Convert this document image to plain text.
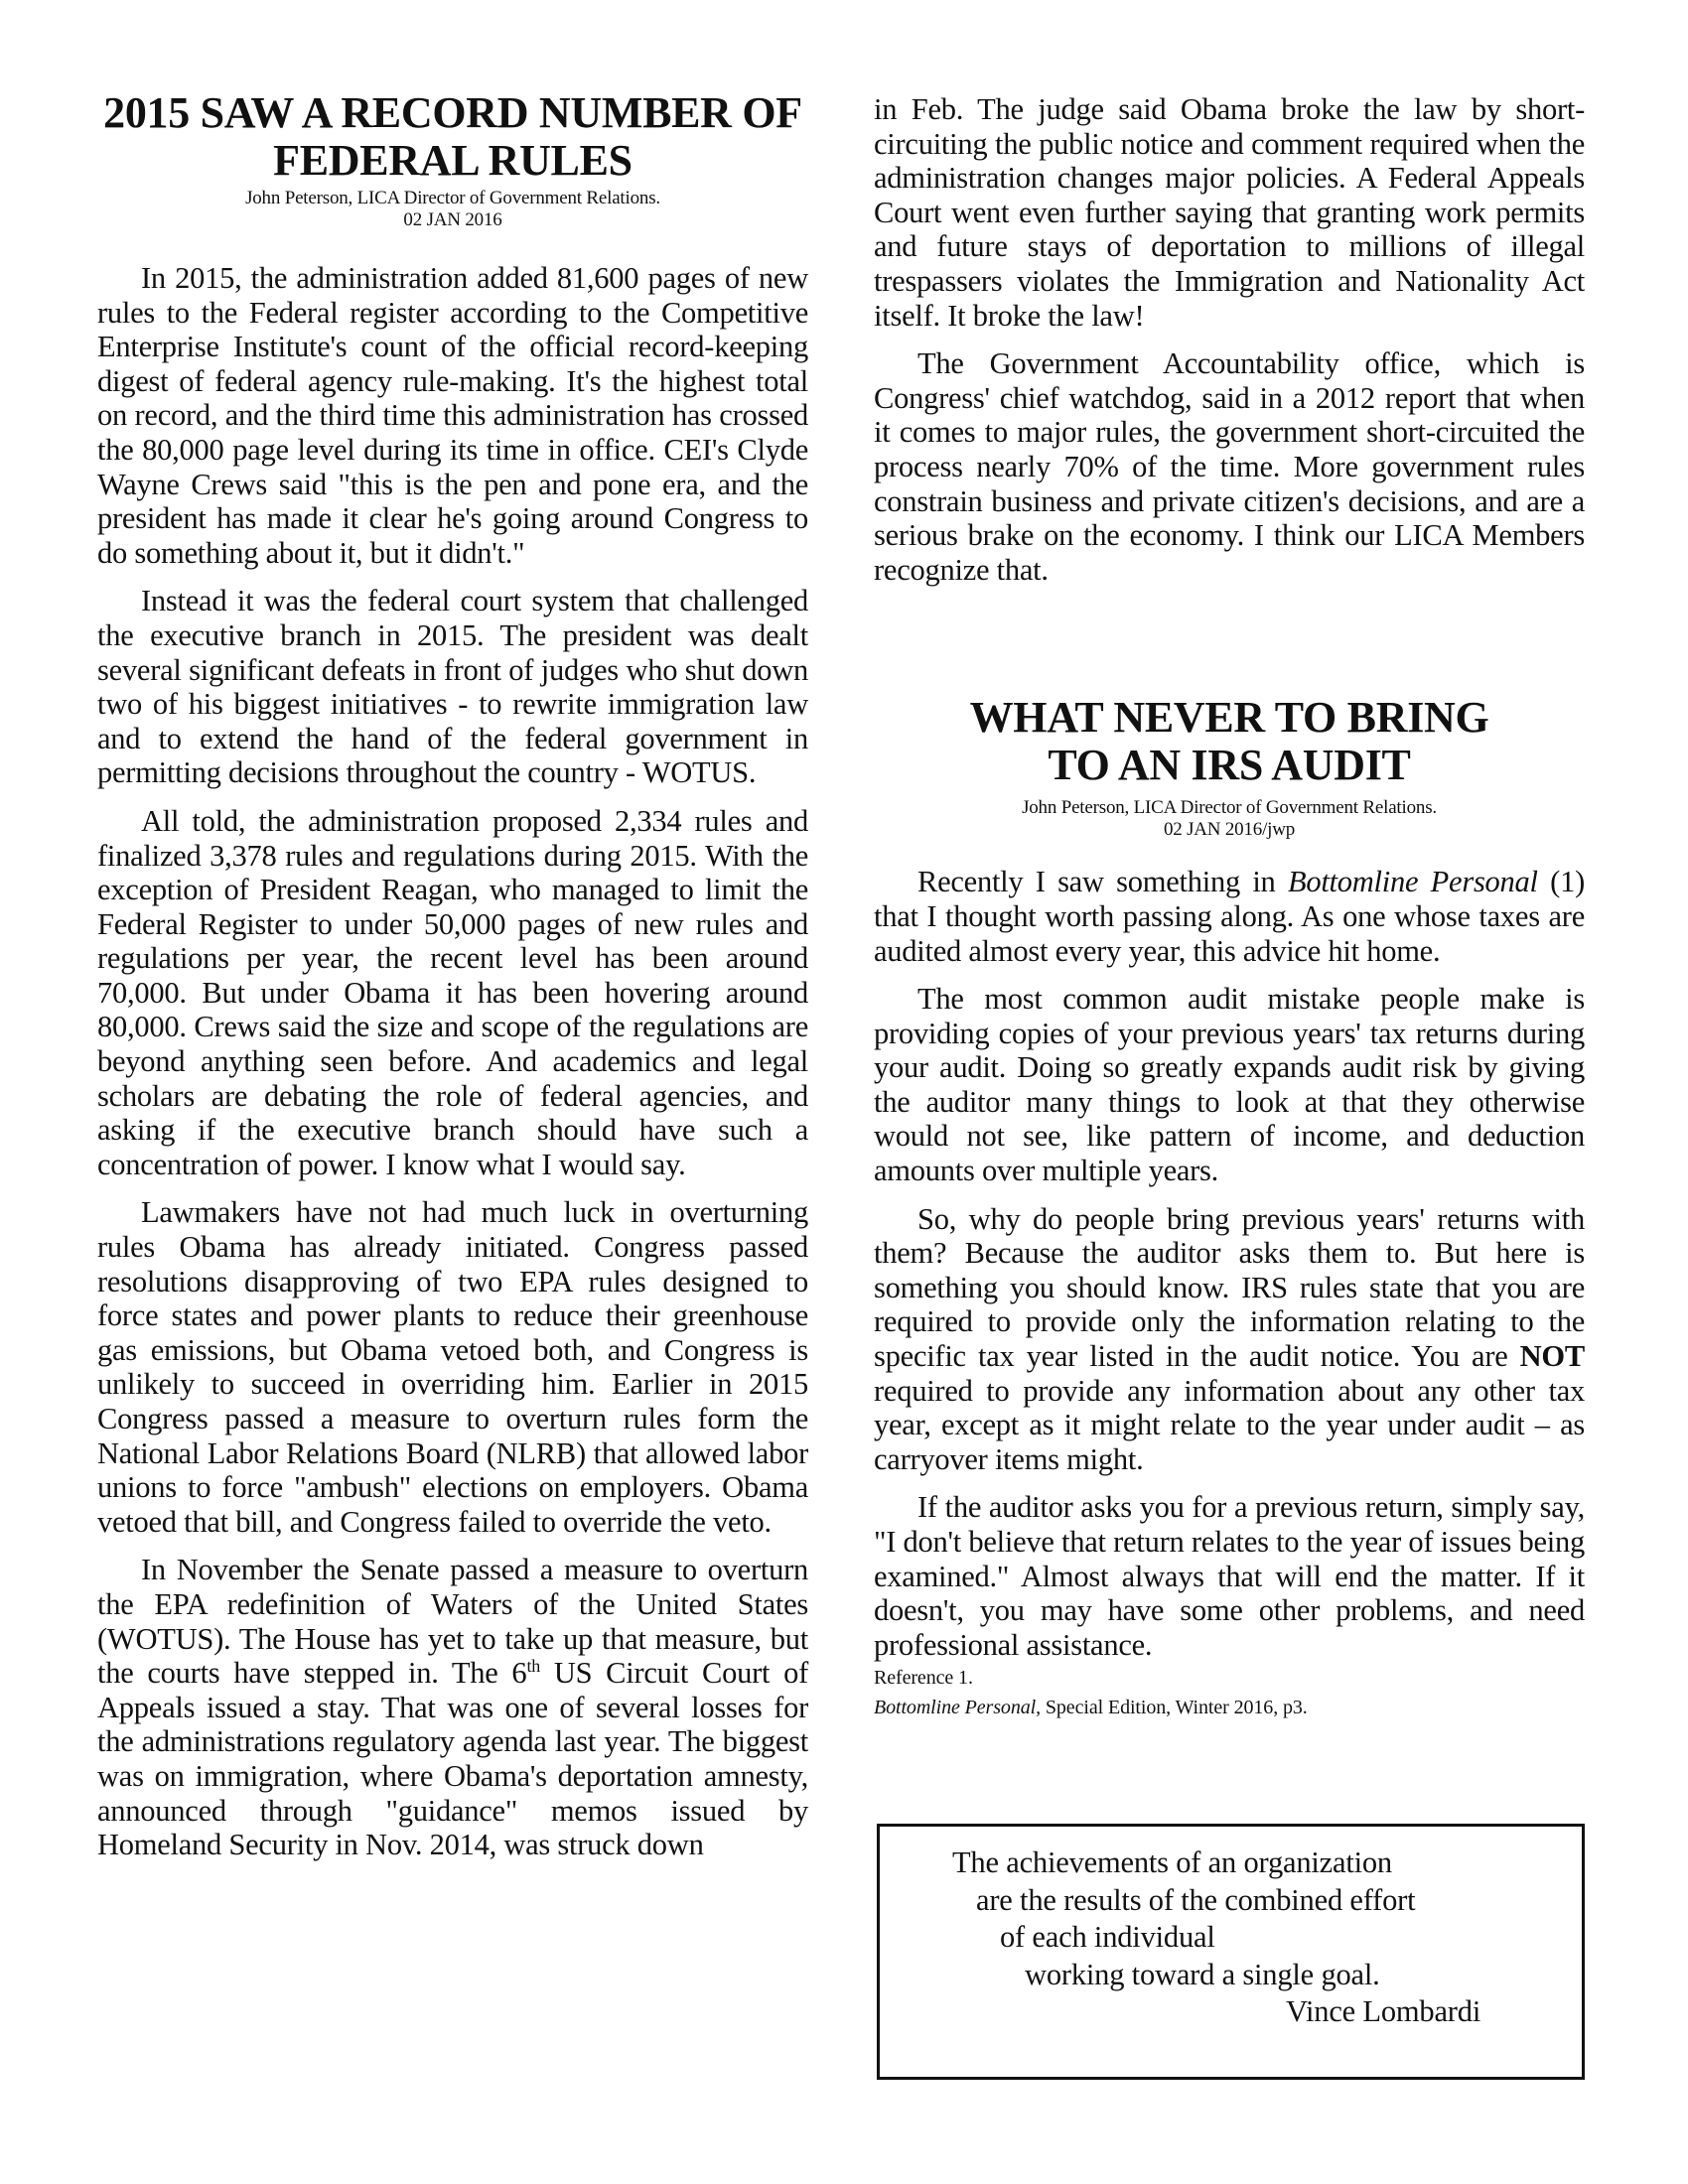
2015 SAW A RECORD NUMBER OF
FEDERAL RULES
John Peterson, LICA Director of Government Relations.
02 JAN 2016

In 2015, the administration added 81,600 pages of new rules to the Federal register according to the Competitive Enterprise Institute's count of the official record-keeping digest of federal agency rule-making. It's the highest total on record, and the third time this administration has crossed the 80,000 page level during its time in office. CEI's Clyde Wayne Crews said "this is the pen and pone era, and the president has made it clear he's going around Congress to do something about it, but it didn't."

Instead it was the federal court system that challenged the executive branch in 2015. The president was dealt several significant defeats in front of judges who shut down two of his biggest initiatives - to rewrite immigration law and to extend the hand of the federal government in permitting decisions throughout the country - WOTUS.

All told, the administration proposed 2,334 rules and finalized 3,378 rules and regulations during 2015. With the exception of President Reagan, who managed to limit the Federal Register to under 50,000 pages of new rules and regulations per year, the recent level has been around 70,000. But under Obama it has been hovering around 80,000. Crews said the size and scope of the regulations are beyond anything seen before. And academics and legal scholars are debating the role of federal agencies, and asking if the executive branch should have such a concentration of power. I know what I would say.

Lawmakers have not had much luck in overturning rules Obama has already initiated. Congress passed resolutions disapproving of two EPA rules designed to force states and power plants to reduce their greenhouse gas emissions, but Obama vetoed both, and Congress is unlikely to succeed in overriding him. Earlier in 2015 Congress passed a measure to overturn rules form the National Labor Relations Board (NLRB) that allowed labor unions to force "ambush" elections on employers. Obama vetoed that bill, and Congress failed to override the veto.

In November the Senate passed a measure to overturn the EPA redefinition of Waters of the United States (WOTUS). The House has yet to take up that measure, but the courts have stepped in. The 6th US Circuit Court of Appeals issued a stay. That was one of several losses for the administrations regulatory agenda last year. The biggest was on immigration, where Obama's deportation amnesty, announced through "guidance" memos issued by Homeland Security in Nov. 2014, was struck down

in Feb. The judge said Obama broke the law by short-circuiting the public notice and comment required when the administration changes major policies. A Federal Appeals Court went even further saying that granting work permits and future stays of deportation to millions of illegal trespassers violates the Immigration and Nationality Act itself. It broke the law!

The Government Accountability office, which is Congress' chief watchdog, said in a 2012 report that when it comes to major rules, the government short-circuited the process nearly 70% of the time. More government rules constrain business and private citizen's decisions, and are a serious brake on the economy. I think our LICA Members recognize that.

WHAT NEVER TO BRING
TO AN IRS AUDIT
John Peterson, LICA Director of Government Relations.
02 JAN 2016/jwp

Recently I saw something in Bottomline Personal (1) that I thought worth passing along. As one whose taxes are audited almost every year, this advice hit home.

The most common audit mistake people make is providing copies of your previous years' tax returns during your audit. Doing so greatly expands audit risk by giving the auditor many things to look at that they otherwise would not see, like pattern of income, and deduction amounts over multiple years.

So, why do people bring previous years' returns with them? Because the auditor asks them to. But here is something you should know. IRS rules state that you are required to provide only the information relating to the specific tax year listed in the audit notice. You are NOT required to provide any information about any other tax year, except as it might relate to the year under audit – as carryover items might.

If the auditor asks you for a previous return, simply say, "I don't believe that return relates to the year of issues being examined." Almost always that will end the matter. If it doesn't, you may have some other problems, and need professional assistance.

Reference 1.
Bottomline Personal, Special Edition, Winter 2016, p3.
The achievements of an organization
are the results of the combined effort
of each individual
working toward a single goal.
Vince Lombardi
